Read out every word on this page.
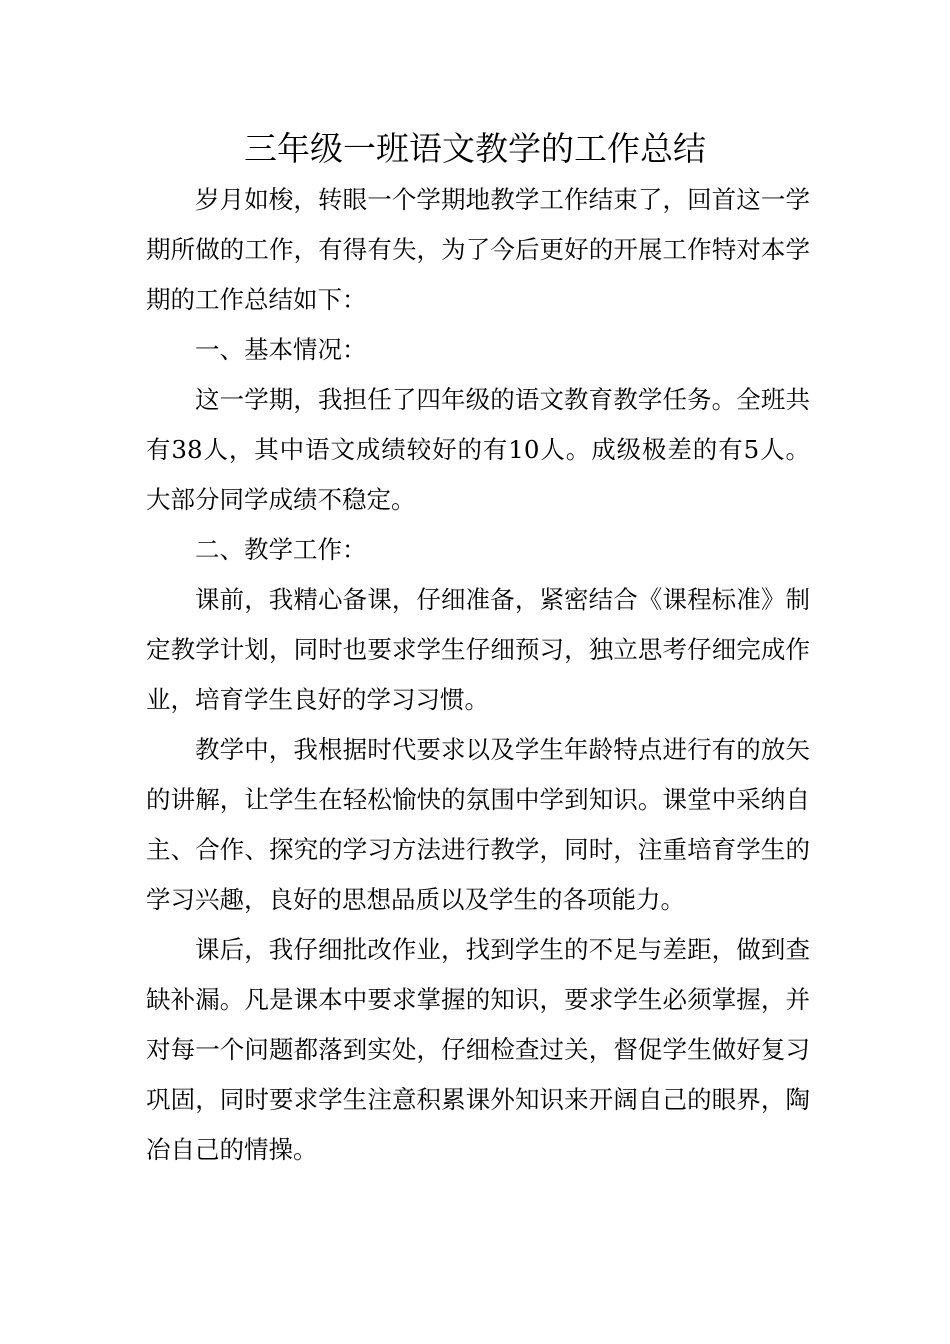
三年级一班语文教学的工作总结

岁月如梭，转眼一个学期地教学工作结束了，回首这一学期所做的工作，有得有失，为了今后更好的开展工作特对本学期的工作总结如下：

一、基本情况：

这一学期，我担任了四年级的语文教育教学任务。全班共有38人，其中语文成绩较好的有10人。成级极差的有5人。大部分同学成绩不稳定。

二、教学工作：

课前，我精心备课，仔细准备，紧密结合《课程标准》制定教学计划，同时也要求学生仔细预习，独立思考仔细完成作业，培育学生良好的学习习惯。

教学中，我根据时代要求以及学生年龄特点进行有的放矢的讲解，让学生在轻松愉快的氛围中学到知识。课堂中采纳自主、合作、探究的学习方法进行教学，同时，注重培育学生的学习兴趣，良好的思想品质以及学生的各项能力。

课后，我仔细批改作业，找到学生的不足与差距，做到查缺补漏。凡是课本中要求掌握的知识，要求学生必须掌握，并对每一个问题都落到实处，仔细检查过关，督促学生做好复习巩固，同时要求学生注意积累课外知识来开阔自己的眼界，陶冶自己的情操。
